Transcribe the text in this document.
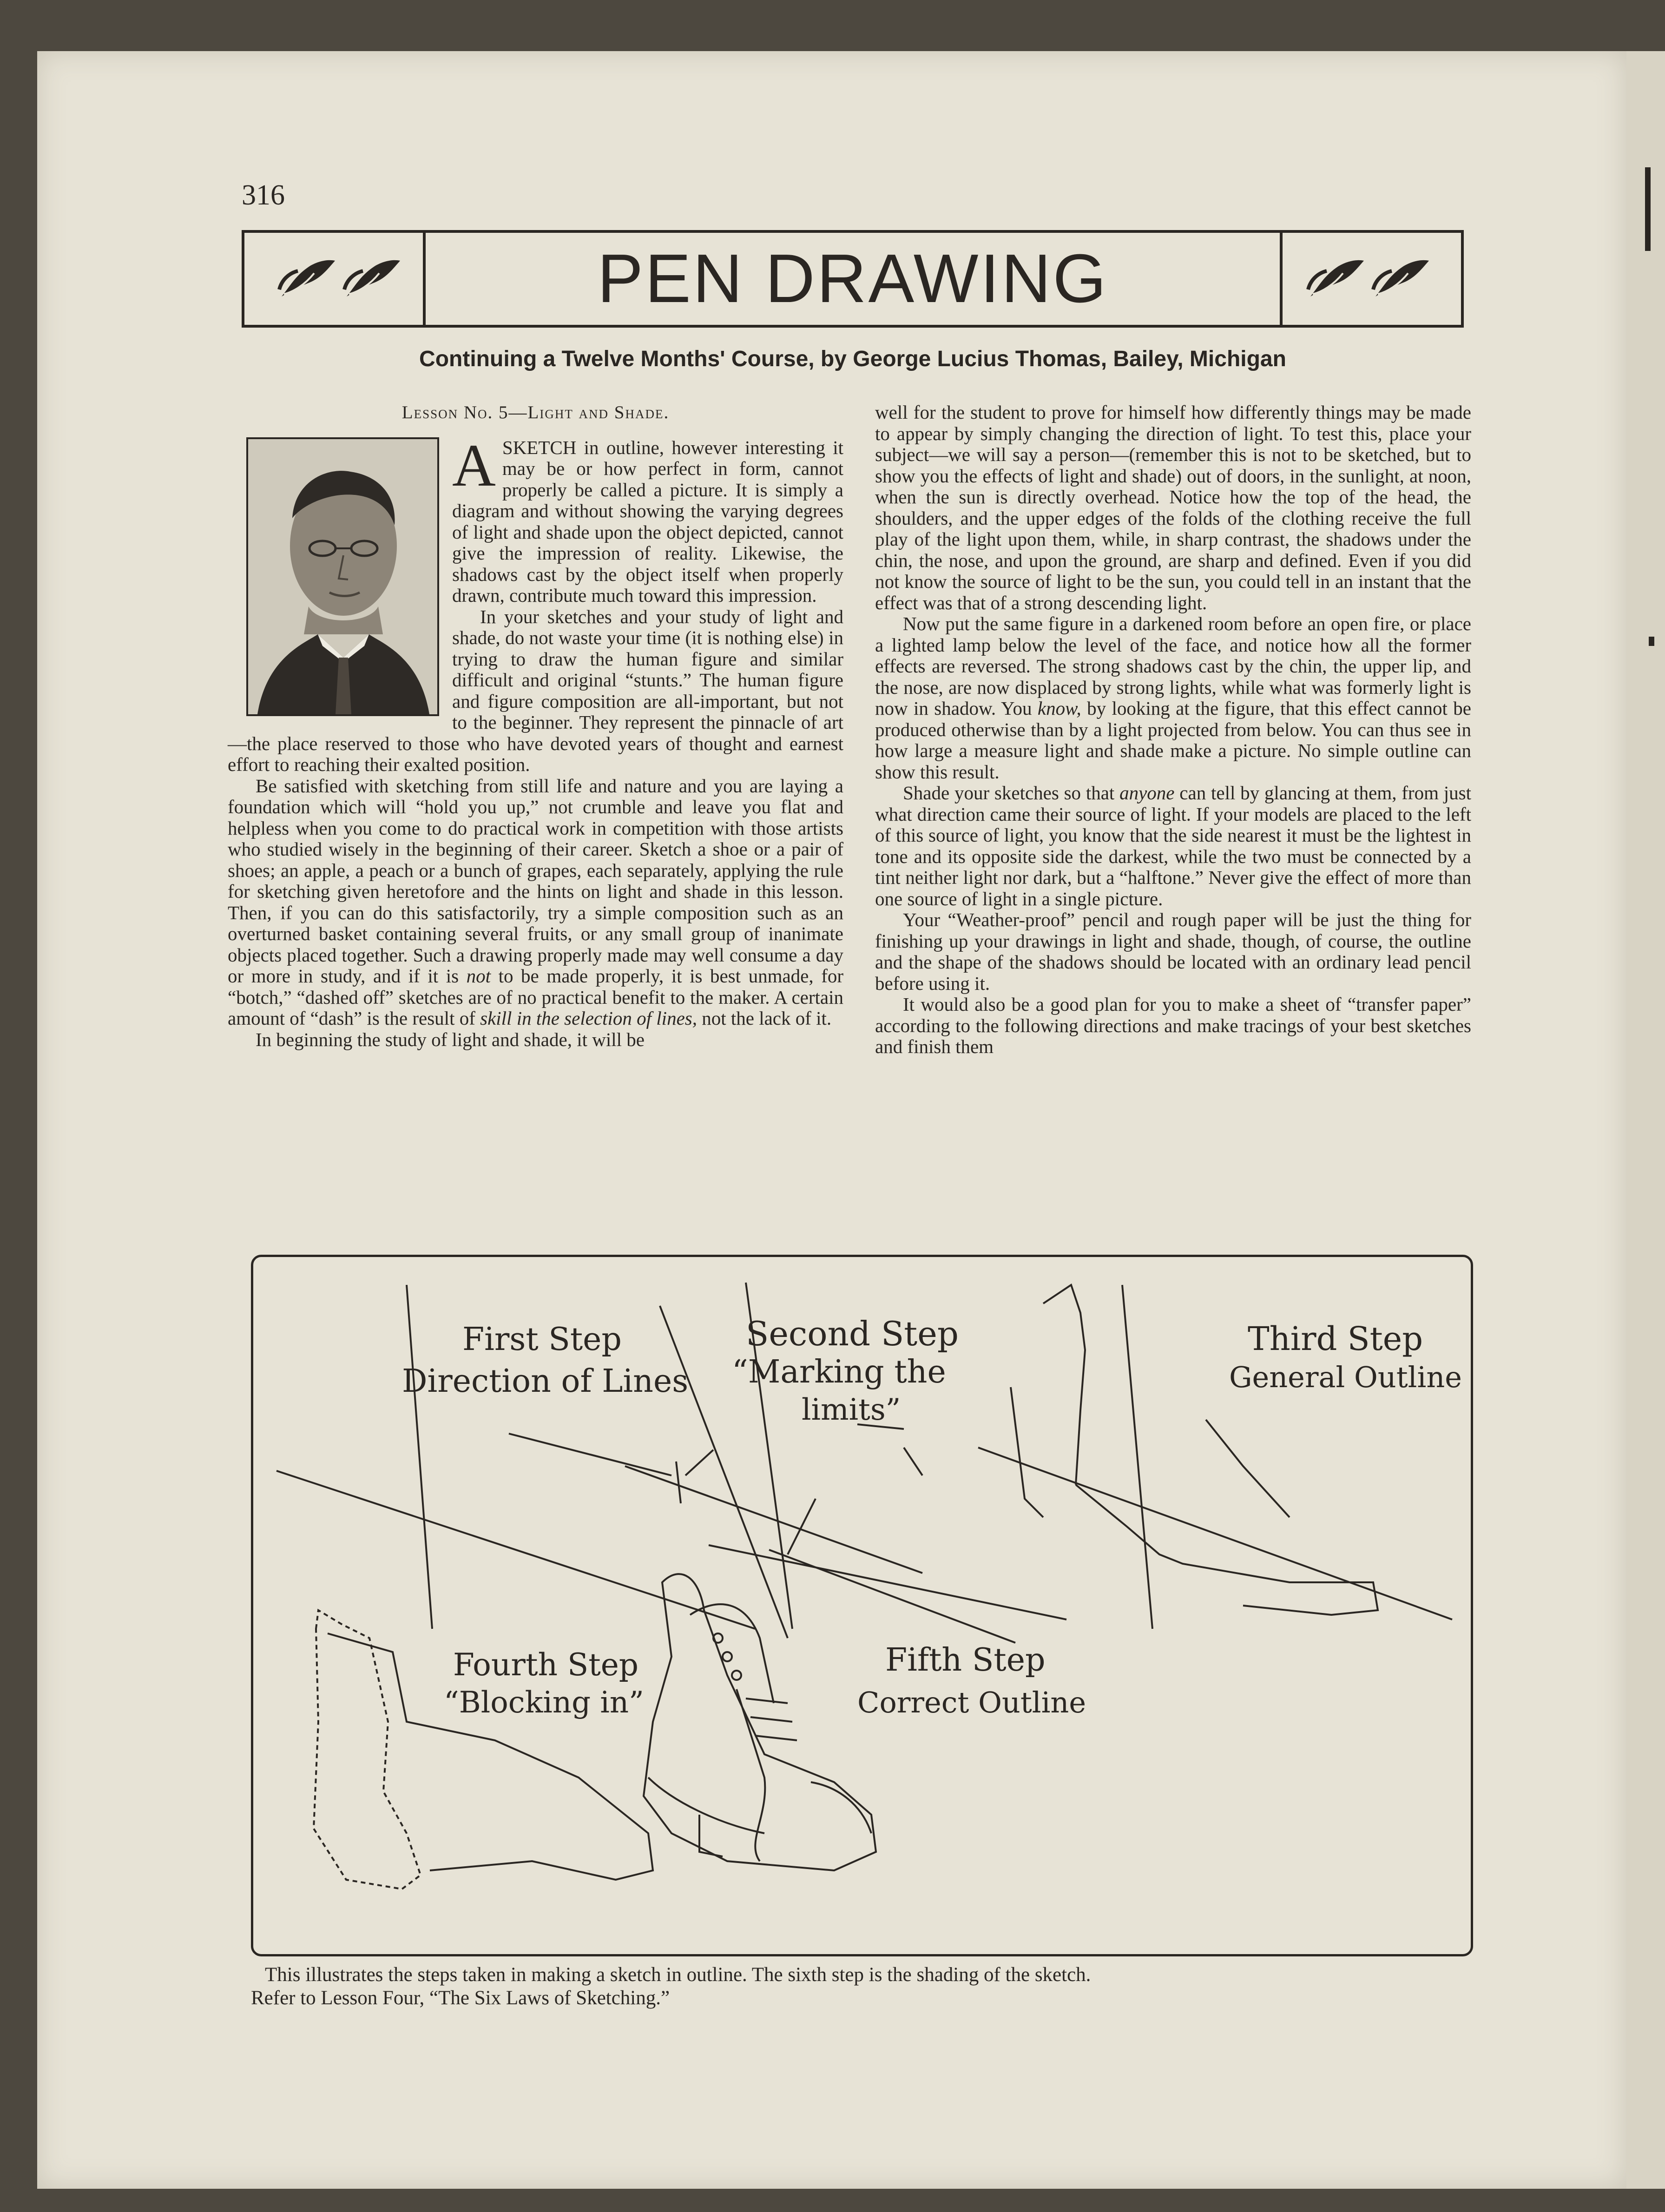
316
PEN DRAWING
Continuing a Twelve Months' Course, by George Lucius Thomas, Bailey, Michigan
Lesson No. 5—Light and Shade.

ASKETCH in outline, however interesting it may be or how perfect in form, cannot properly be called a picture. It is simply a diagram and without showing the varying degrees of light and shade upon the object depicted, cannot give the impression of reality. Likewise, the shadows cast by the object itself when properly drawn, contribute much toward this impression.

In your sketches and your study of light and shade, do not waste your time (it is nothing else) in trying to draw the human figure and similar difficult and original “stunts.” The human figure and figure composition are all-important, but not to the beginner. They represent the pinnacle of art—the place reserved to those who have devoted years of thought and earnest effort to reaching their exalted position.

Be satisfied with sketching from still life and nature and you are laying a foundation which will “hold you up,” not crumble and leave you flat and helpless when you come to do practical work in competition with those artists who studied wisely in the beginning of their career. Sketch a shoe or a pair of shoes; an apple, a peach or a bunch of grapes, each separately, applying the rule for sketching given heretofore and the hints on light and shade in this lesson. Then, if you can do this satisfactorily, try a simple composition such as an overturned basket containing several fruits, or any small group of inanimate objects placed together. Such a drawing properly made may well consume a day or more in study, and if it is not to be made properly, it is best unmade, for “botch,” “dashed off” sketches are of no practical benefit to the maker. A certain amount of “dash” is the result of skill in the selection of lines, not the lack of it.

In beginning the study of light and shade, it will be

well for the student to prove for himself how differently things may be made to appear by simply changing the direction of light. To test this, place your subject—we will say a person—(remember this is not to be sketched, but to show you the effects of light and shade) out of doors, in the sunlight, at noon, when the sun is directly overhead. Notice how the top of the head, the shoulders, and the upper edges of the folds of the clothing receive the full play of the light upon them, while, in sharp contrast, the shadows under the chin, the nose, and upon the ground, are sharp and defined. Even if you did not know the source of light to be the sun, you could tell in an instant that the effect was that of a strong descending light.

Now put the same figure in a darkened room before an open fire, or place a lighted lamp below the level of the face, and notice how all the former effects are reversed. The strong shadows cast by the chin, the upper lip, and the nose, are now displaced by strong lights, while what was formerly light is now in shadow. You know, by looking at the figure, that this effect cannot be produced otherwise than by a light projected from below. You can thus see in how large a measure light and shade make a picture. No simple outline can show this result.

Shade your sketches so that anyone can tell by glancing at them, from just what direction came their source of light. If your models are placed to the left of this source of light, you know that the side nearest it must be the lightest in tone and its opposite side the darkest, while the two must be connected by a tint neither light nor dark, but a “halftone.” Never give the effect of more than one source of light in a single picture.

Your “Weather-proof” pencil and rough paper will be just the thing for finishing up your drawings in light and shade, though, of course, the outline and the shape of the shadows should be located with an ordinary lead pencil before using it.

It would also be a good plan for you to make a sheet of “transfer paper” according to the following directions and make tracings of your best sketches and finish them

First Step
Direction of Lines
Second Step
“Marking the
limits”
Third Step
General Outline
Fourth Step
“Blocking in”
Fifth Step
Correct Outline
This illustrates the steps taken in making a sketch in outline. The sixth step is the shading of the sketch.
Refer to Lesson Four, “The Six Laws of Sketching.”
